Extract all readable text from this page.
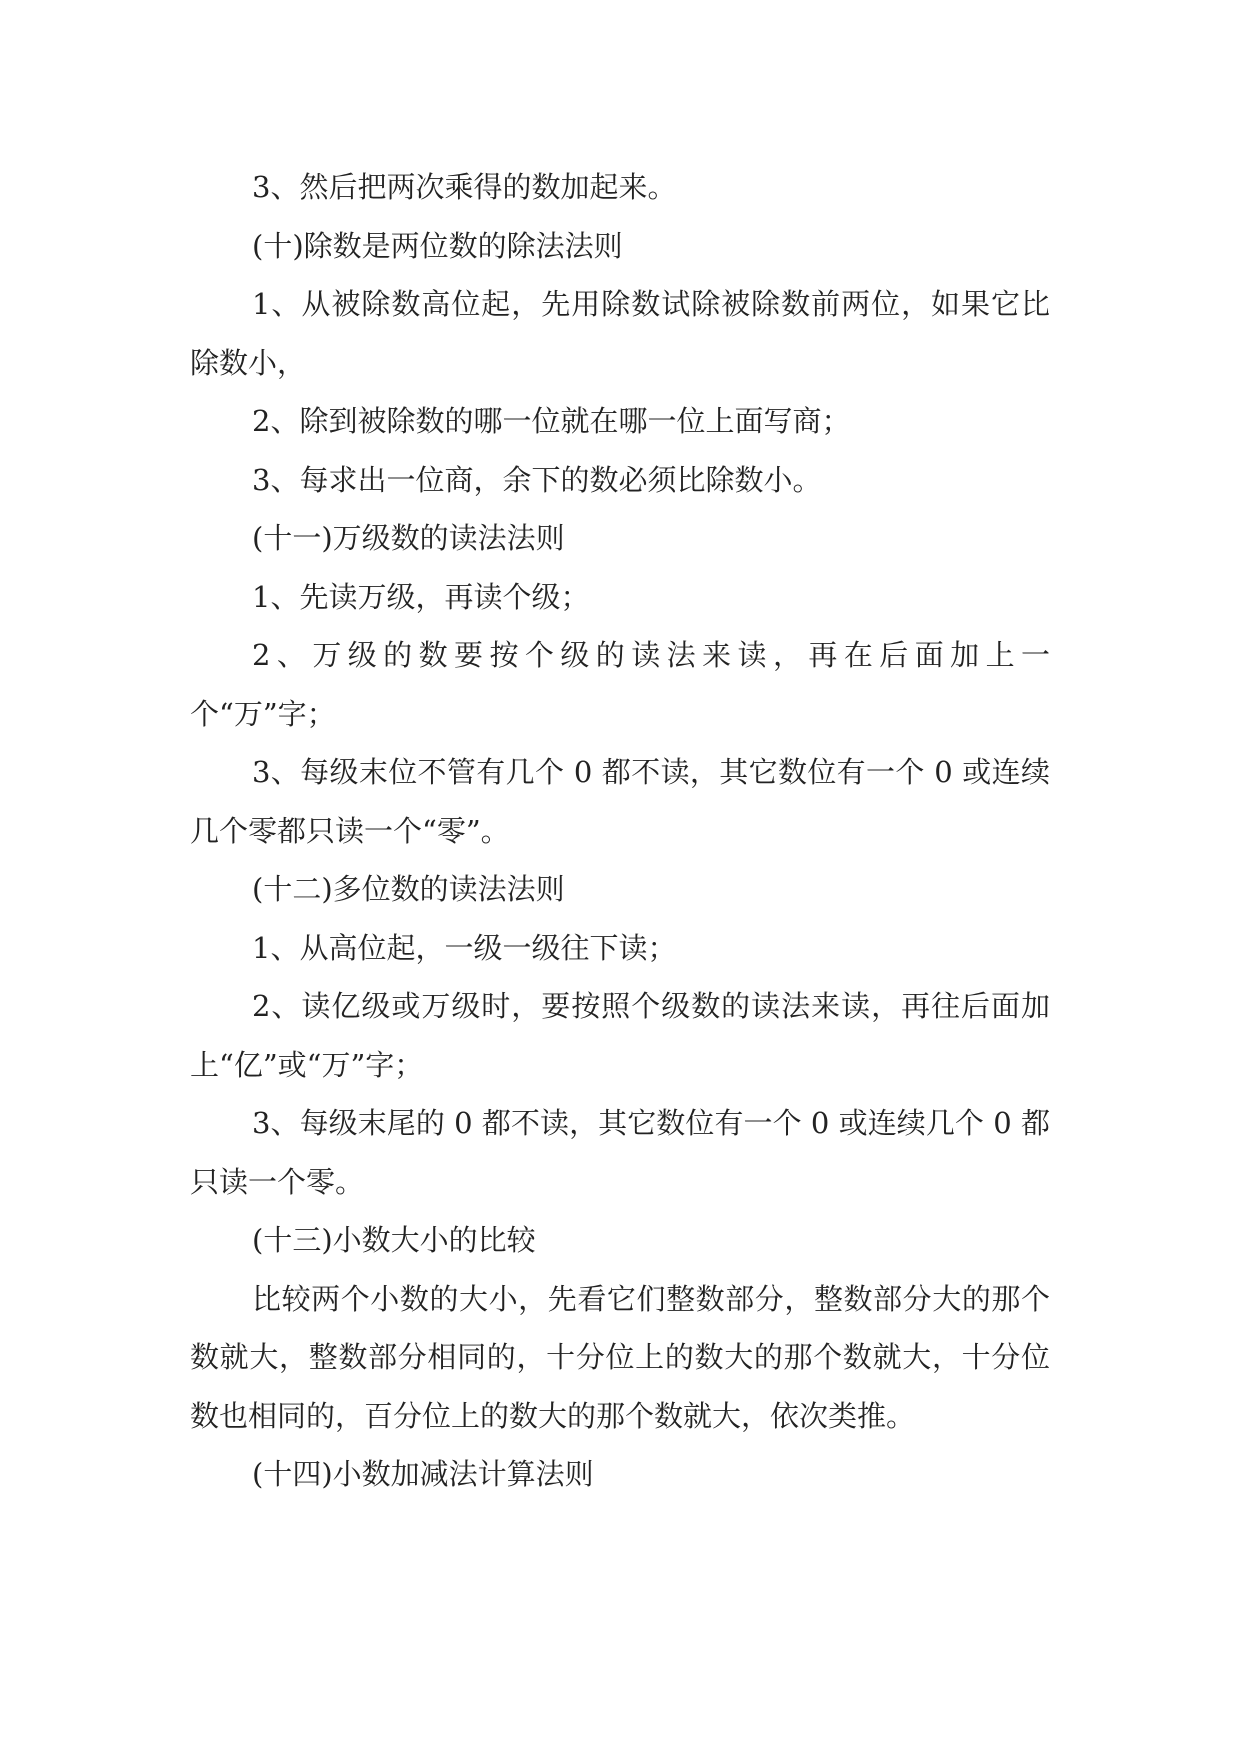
3、然后把两次乘得的数加起来。

(十)除数是两位数的除法法则

1、从被除数高位起，先用除数试除被除数前两位，如果它比除数小，

2、除到被除数的哪一位就在哪一位上面写商；

3、每求出一位商，余下的数必须比除数小。

(十一)万级数的读法法则

1、先读万级，再读个级；

2、万级的数要按个级的读法来读，再在后面加上一个“万”字；

3、每级末位不管有几个 0 都不读，其它数位有一个 0 或连续几个零都只读一个“零”。

(十二)多位数的读法法则

1、从高位起，一级一级往下读；

2、读亿级或万级时，要按照个级数的读法来读，再往后面加上“亿”或“万”字；

3、每级末尾的 0 都不读，其它数位有一个 0 或连续几个 0 都只读一个零。

(十三)小数大小的比较

比较两个小数的大小，先看它们整数部分，整数部分大的那个数就大，整数部分相同的，十分位上的数大的那个数就大，十分位数也相同的，百分位上的数大的那个数就大，依次类推。

(十四)小数加减法计算法则
